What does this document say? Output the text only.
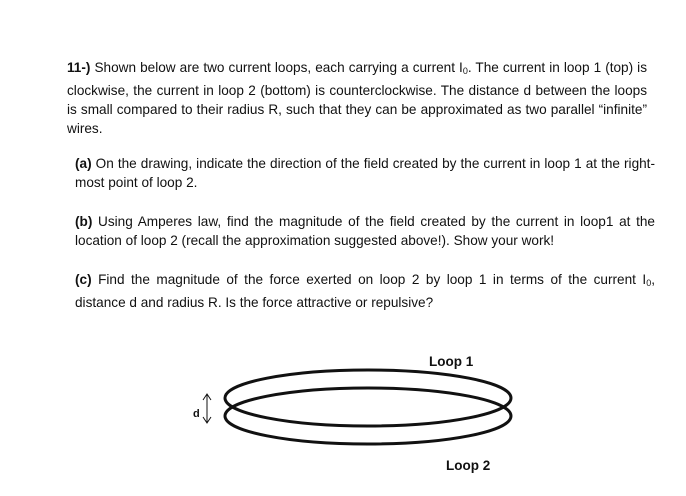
11-) Shown below are two current loops, each carrying a current $I_0$. The current in loop 1 (top) is clockwise, the current in loop 2 (bottom) is counterclockwise. The distance d between the loops is small compared to their radius R, such that they can be approximated as two parallel “infinite” wires.

(a) On the drawing, indicate the direction of the field created by the current in loop 1 at the right-most point of loop 2.

(b) Using Amperes law, find the magnitude of the field created by the current in loop1 at the location of loop 2 (recall the approximation suggested above!). Show your work!

(c) Find the magnitude of the force exerted on loop 2 by loop 1 in terms of the current $I_0$, distance d and radius R. Is the force attractive or repulsive?

Loop 1
Loop 2
d
